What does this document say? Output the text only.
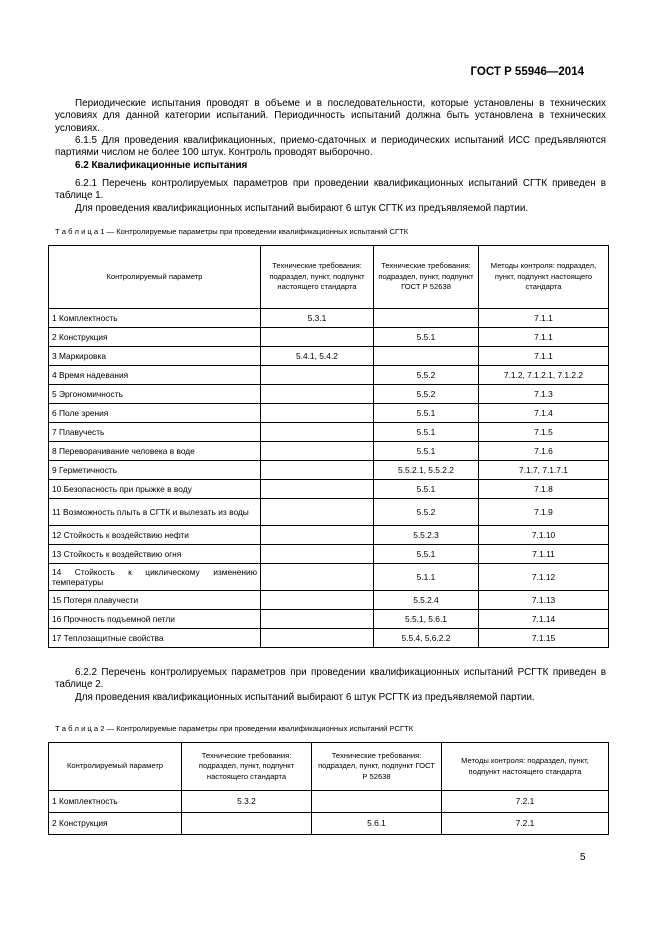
ГОСТ Р 55946—2014
Периодические испытания проводят в объеме и в последовательности, которые установлены в технических условиях для данной категории испытаний. Периодичность испытаний должна быть установлена в технических условиях.
6.1.5 Для проведения квалификационных, приемо-сдаточных и периодических испытаний ИСС предъявляются партиями числом не более 100 штук. Контроль проводят выборочно.
6.2 Квалификационные испытания
6.2.1 Перечень контролируемых параметров при проведении квалификационных испытаний СГТК приведен в таблице 1.
Для проведения квалификационных испытаний выбирают 6 штук СГТК из предъявляемой партии.
Т а б л и ц а 1 — Контролируемые параметры при проведении квалификационных испытаний СГТК
Контролируемый параметр	Технические требования: подраздел, пункт, подпункт настоящего стандарта	Технические требования: подраздел, пункт, подпункт ГОСТ Р 52638	Методы контроля: подраздел, пункт, подпункт настоящего стандарта
1 Комплектность	5.3.1		7.1.1
2 Конструкция		5.5.1	7.1.1
3 Маркировка	5.4.1, 5.4.2		7.1.1
4 Время надевания		5.5.2	7.1.2, 7.1.2.1, 7.1.2.2
5 Эргономичность		5.5.2	7.1.3
6 Поле зрения		5.5.1	7.1.4
7 Плавучесть		5.5.1	7.1.5
8 Переворачивание человека в воде		5.5.1	7.1.6
9 Герметичность		5.5.2.1, 5.5.2.2	7.1.7, 7.1.7.1
10 Безопасность при прыжке в воду		5.5.1	7.1.8
11 Возможность плыть в СГТК и вылезать из воды		5.5.2	7.1.9
12 Стойкость к воздействию нефти		5.5.2.3	7.1.10
13 Стойкость к воздействию огня		5.5.1	7.1.11
14 Стойкость к циклическому изменению температуры		5.1.1	7.1.12
15 Потеря плавучести		5.5.2.4	7.1.13
16 Прочность подъемной петли		5.5.1, 5.6.1	7.1.14
17 Теплозащитные свойства		5.5.4, 5.6.2.2	7.1.15
6.2.2 Перечень контролируемых параметров при проведении квалификационных испытаний РСГТК приведен в таблице 2.
Для проведения квалификационных испытаний выбирают 6 штук РСГТК из предъявляемой партии.
Т а б л и ц а 2 — Контролируемые параметры при проведении квалификационных испытаний РСГТК
Контролируемый параметр	Технические требования: подраздел, пункт, подпункт настоящего стандарта	Технические требования: подраздел, пункт, подпункт ГОСТ Р 52638	Методы контроля: подраздел, пункт, подпункт настоящего стандарта
1 Комплектность	5.3.2		7.2.1
2 Конструкция		5.6.1	7.2.1
5
